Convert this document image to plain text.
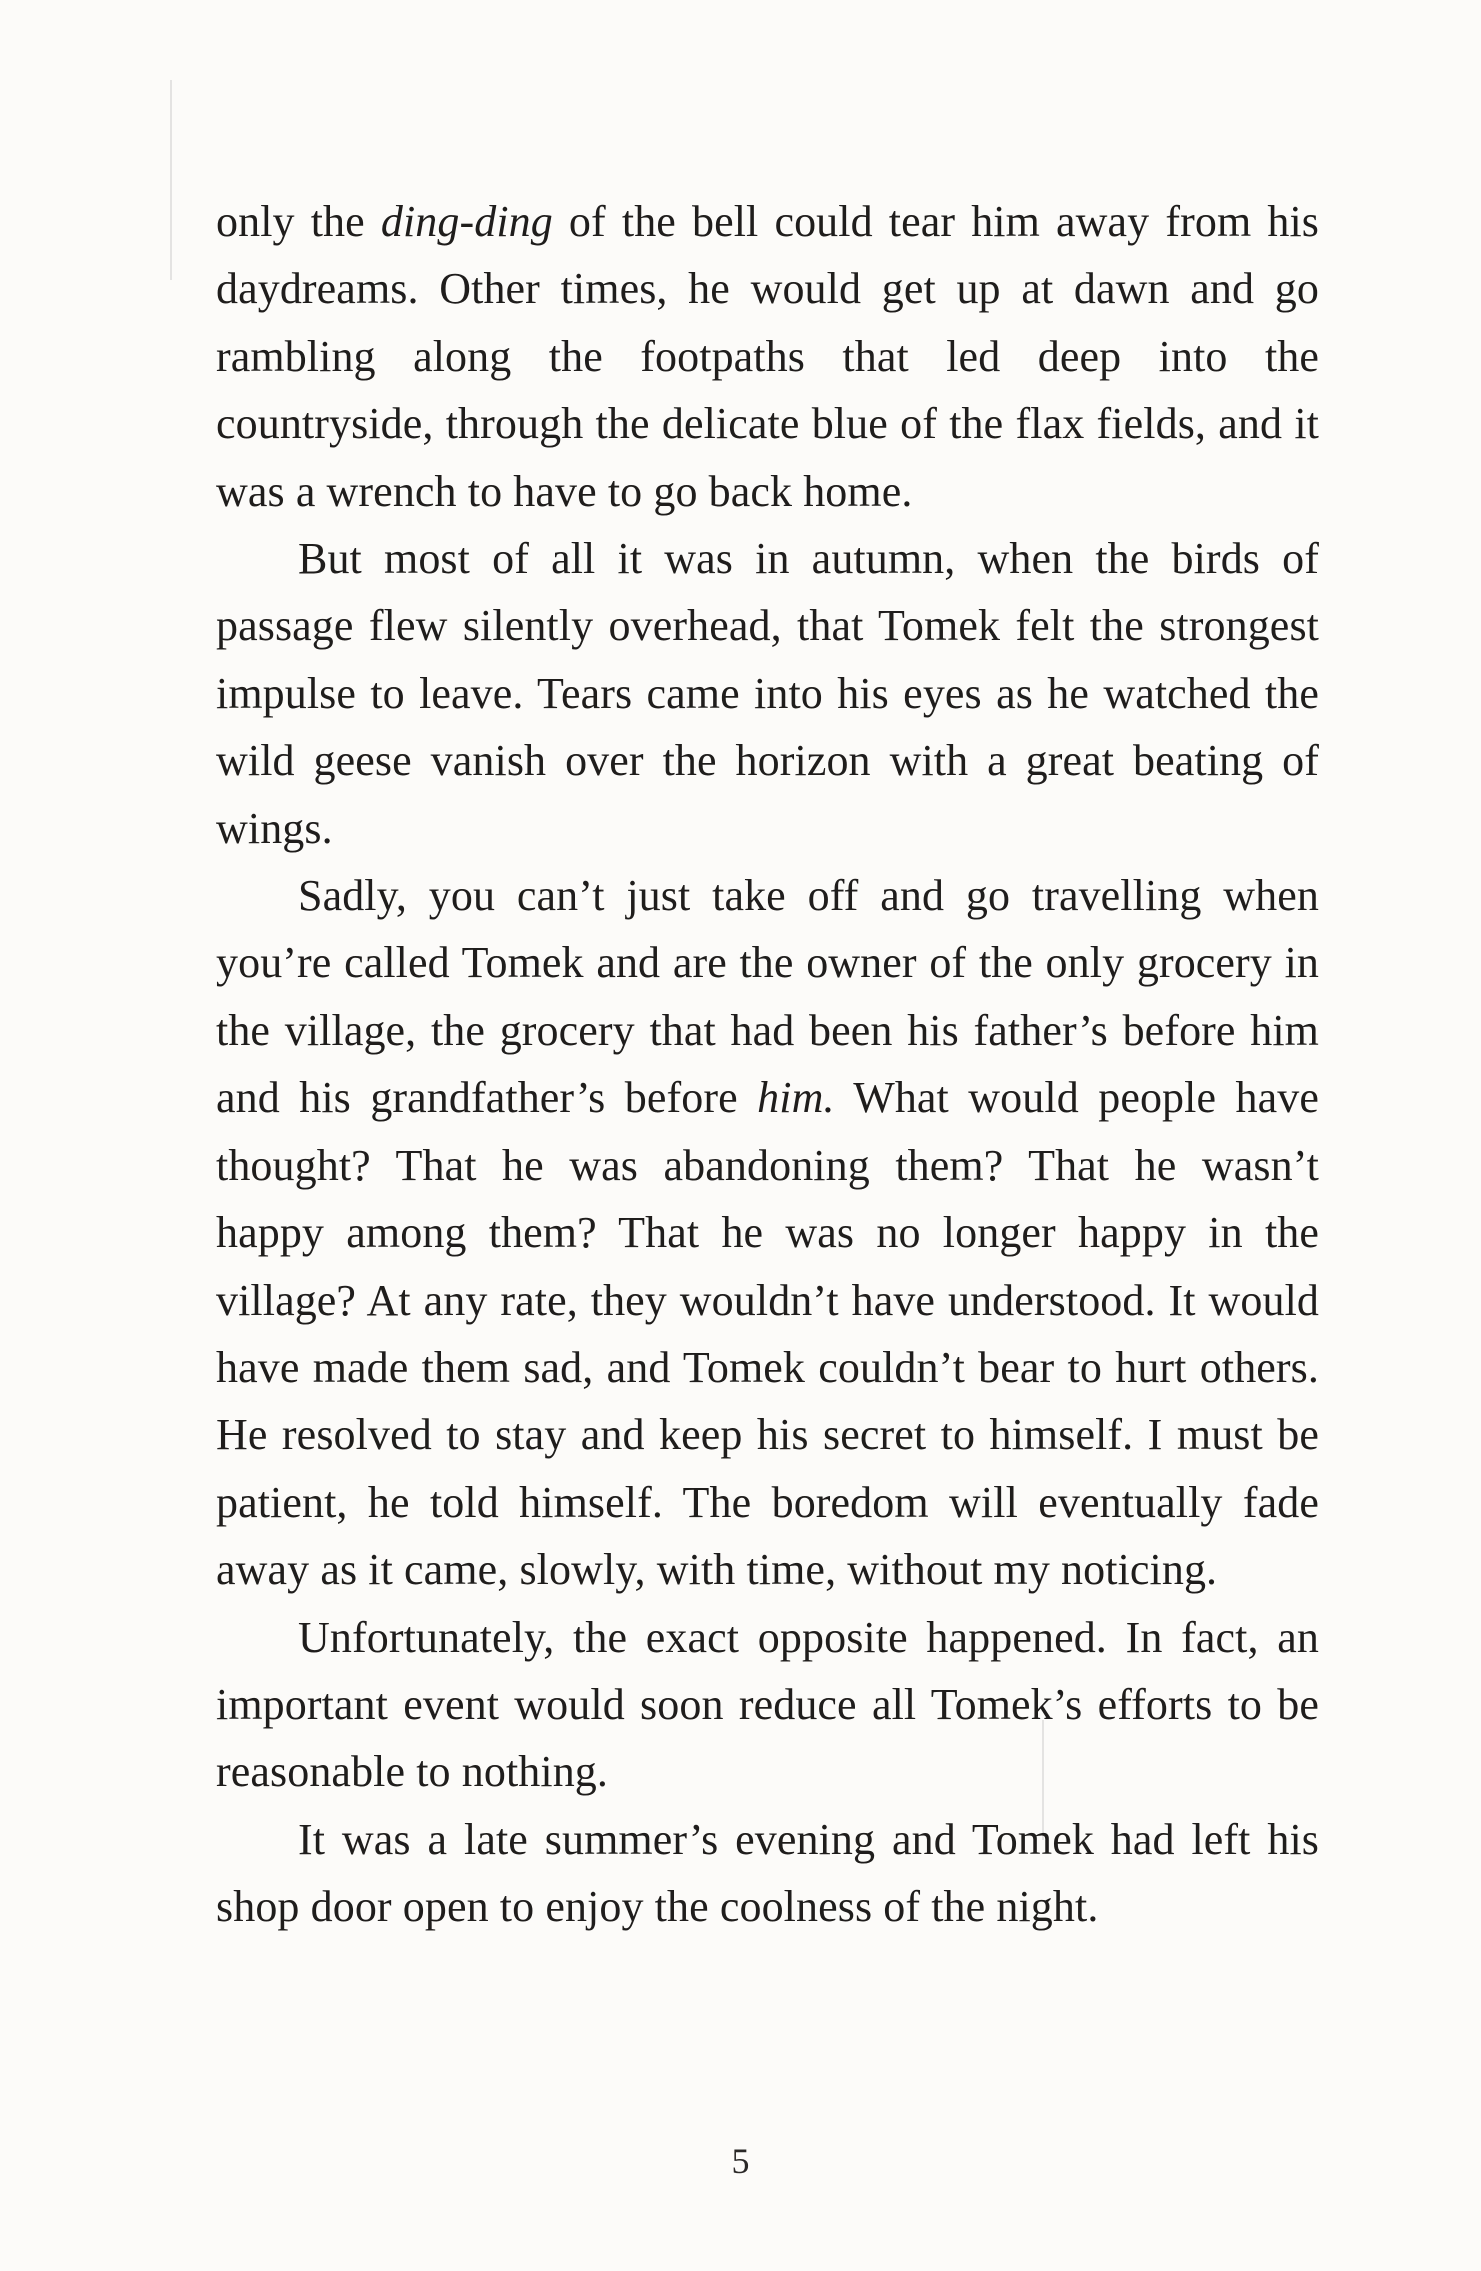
only the ding-ding of the bell could tear him away from his daydreams. Other times, he would get up at dawn and go rambling along the footpaths that led deep into the countryside, through the delicate blue of the flax fields, and it was a wrench to have to go back home.

But most of all it was in autumn, when the birds of passage flew silently overhead, that Tomek felt the strongest impulse to leave. Tears came into his eyes as he watched the wild geese vanish over the horizon with a great beating of wings.

Sadly, you can’t just take off and go travelling when you’re called Tomek and are the owner of the only grocery in the village, the grocery that had been his father’s before him and his grandfather’s before him. What would people have thought? That he was abandoning them? That he wasn’t happy among them? That he was no longer happy in the village? At any rate, they wouldn’t have understood. It would have made them sad, and Tomek couldn’t bear to hurt others. He resolved to stay and keep his secret to himself. I must be patient, he told himself. The boredom will eventually fade away as it came, slowly, with time, without my noticing.

Unfortunately, the exact opposite happened. In fact, an important event would soon reduce all Tomek’s efforts to be reasonable to nothing.

It was a late summer’s evening and Tomek had left his shop door open to enjoy the coolness of the night.

5
